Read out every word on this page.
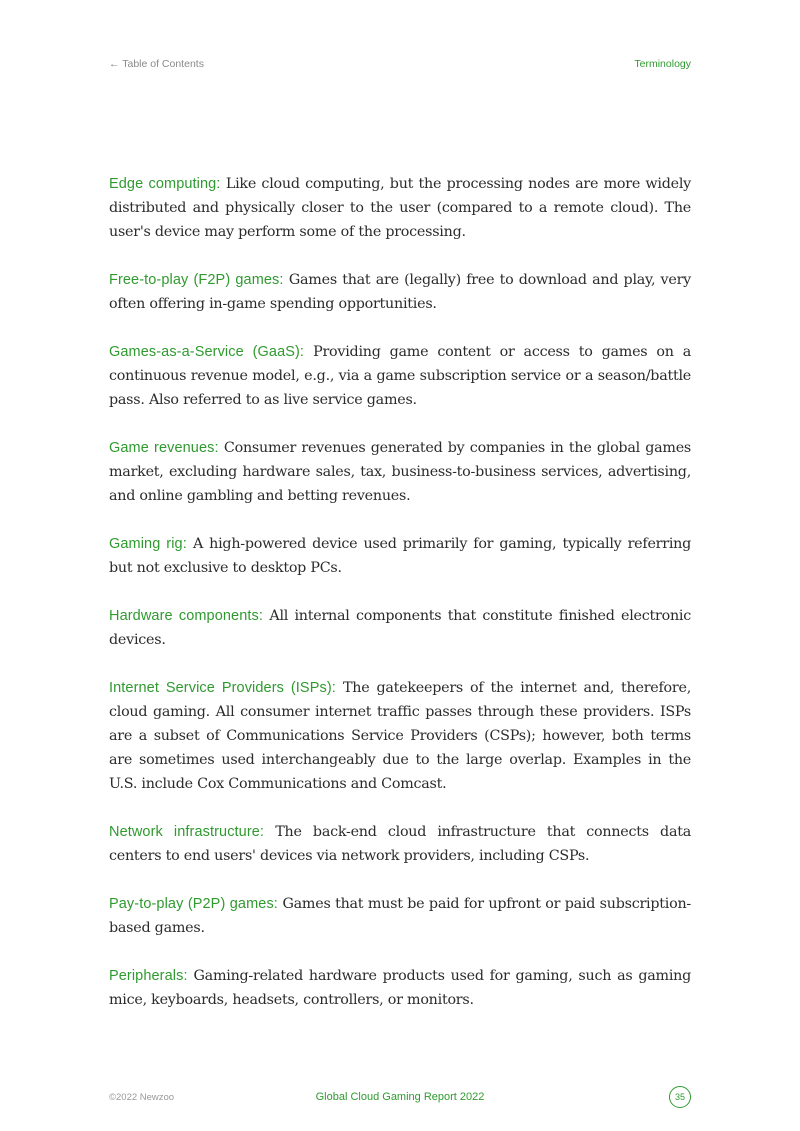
← Table of Contents	Terminology

Edge computing: Like cloud computing, but the processing nodes are more widely distributed and physically closer to the user (compared to a remote cloud). The user's device may perform some of the processing.

Free-to-play (F2P) games: Games that are (legally) free to download and play, very often offering in-game spending opportunities.

Games-as-a-Service (GaaS): Providing game content or access to games on a continuous revenue model, e.g., via a game subscription service or a season/battle pass. Also referred to as live service games.

Game revenues: Consumer revenues generated by companies in the global games market, excluding hardware sales, tax, business-to-business services, advertising, and online gambling and betting revenues.

Gaming rig: A high-powered device used primarily for gaming, typically referring but not exclusive to desktop PCs.

Hardware components: All internal components that constitute finished electronic devices.

Internet Service Providers (ISPs): The gatekeepers of the internet and, therefore, cloud gaming. All consumer internet traffic passes through these providers. ISPs are a subset of Communications Service Providers (CSPs); however, both terms are sometimes used interchangeably due to the large overlap. Examples in the U.S. include Cox Communications and Comcast.

Network infrastructure: The back-end cloud infrastructure that connects data centers to end users' devices via network providers, including CSPs.

Pay-to-play (P2P) games: Games that must be paid for upfront or paid subscription-based games.

Peripherals: Gaming-related hardware products used for gaming, such as gaming mice, keyboards, headsets, controllers, or monitors.

©2022 Newzoo	Global Cloud Gaming Report 2022	35
